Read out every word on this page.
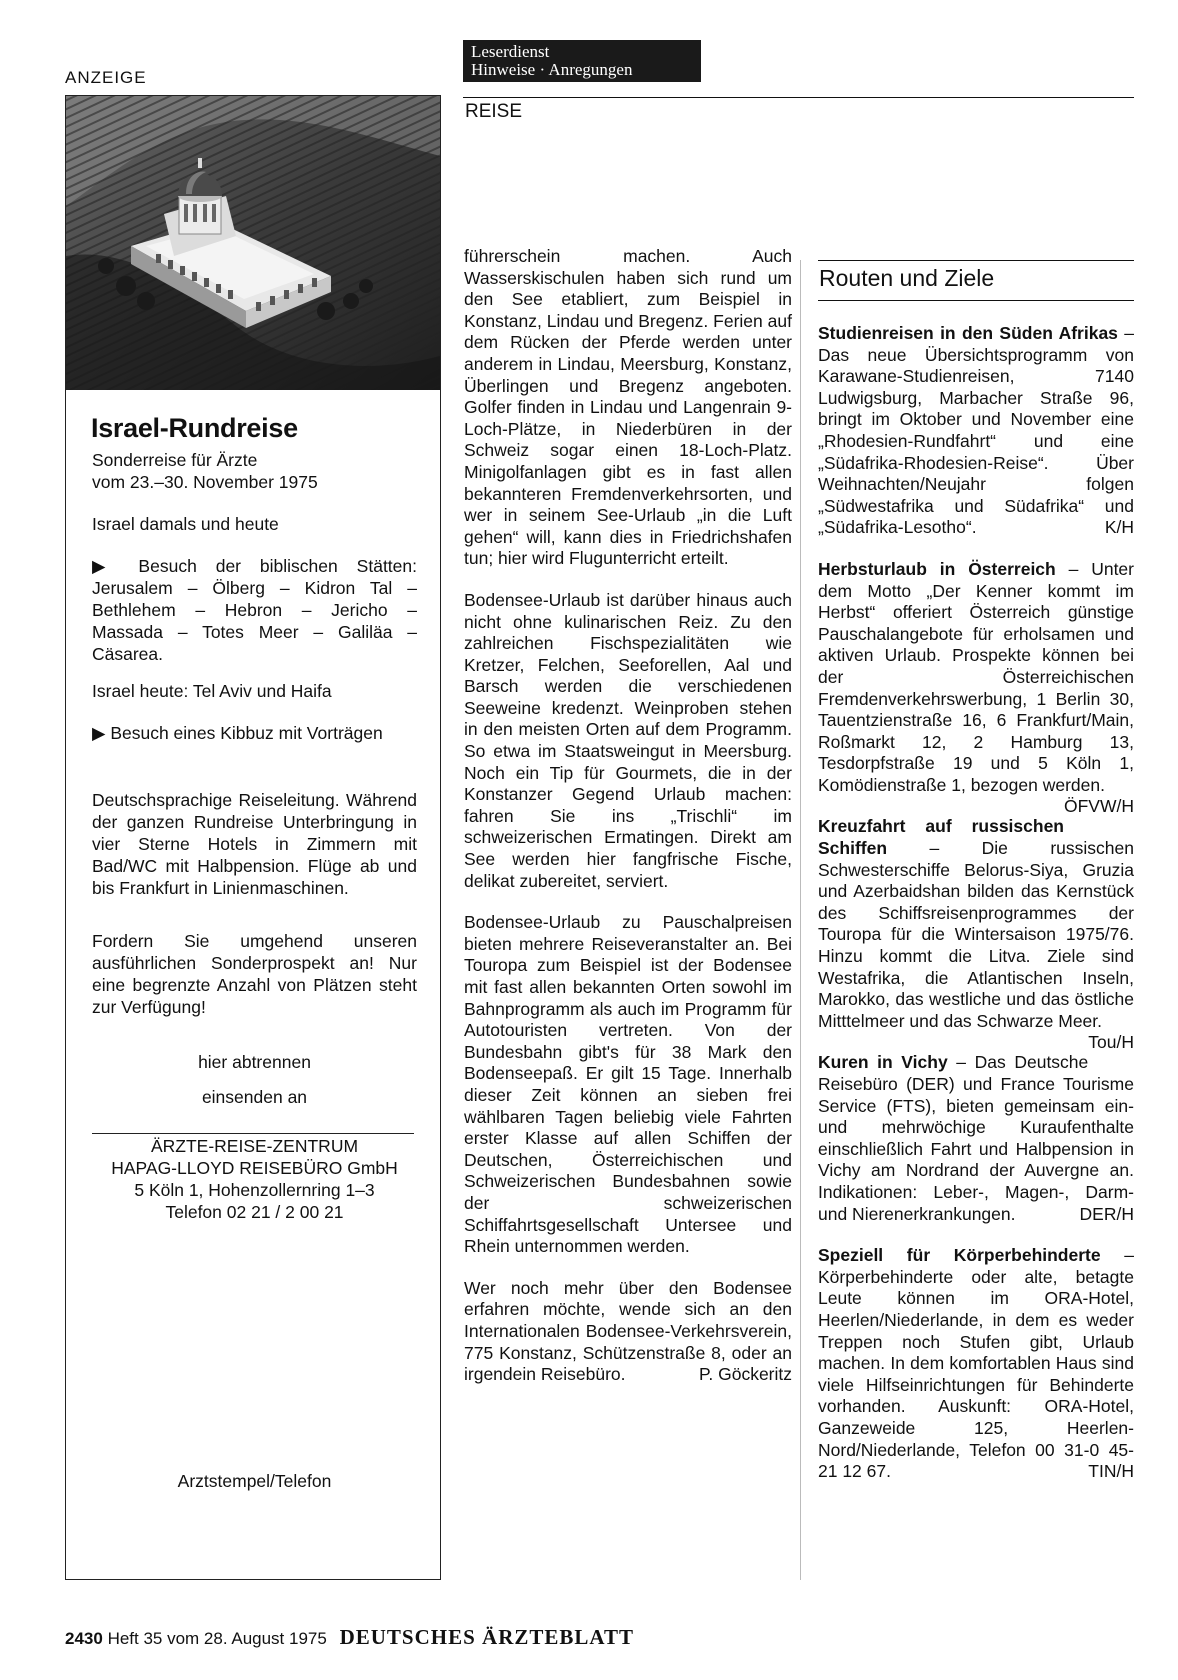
ANZEIGE
Leserdienst
Hinweise · Anregungen
REISE
Israel-Rundreise
Sonderreise für Ärzte
vom 23.–30. November 1975
Israel damals und heute
▶ Besuch der biblischen Stätten: Jerusalem – Ölberg – Kidron Tal – Bethlehem – Hebron – Jericho – Massada – Totes Meer – Galiläa – Cäsarea.
Israel heute: Tel Aviv und Haifa
▶ Besuch eines Kibbuz mit Vorträgen
Deutschsprachige Reiseleitung. Während der ganzen Rundreise Unterbringung in vier Sterne Hotels in Zimmern mit Bad/WC mit Halbpension. Flüge ab und bis Frankfurt in Linienmaschinen.
Fordern Sie umgehend unseren ausführlichen Sonderprospekt an! Nur eine begrenzte Anzahl von Plätzen steht zur Verfügung!
hier abtrennen
einsenden an
ÄRZTE-REISE-ZENTRUM
HAPAG-LLOYD REISEBÜRO GmbH
5 Köln 1, Hohenzollernring 1–3
Telefon 02 21 / 2 00 21
Arztstempel/Telefon

führerschein machen. Auch Wasserskischulen haben sich rund um den See etabliert, zum Beispiel in Konstanz, Lindau und Bregenz. Ferien auf dem Rücken der Pferde werden unter anderem in Lindau, Meersburg, Konstanz, Überlingen und Bregenz angeboten. Golfer finden in Lindau und Langenrain 9-Loch-Plätze, in Niederbüren in der Schweiz sogar einen 18-Loch-Platz. Minigolfanlagen gibt es in fast allen bekannteren Fremdenverkehrsorten, und wer in seinem See-Urlaub „in die Luft gehen“ will, kann dies in Friedrichshafen tun; hier wird Flugunterricht erteilt.

Bodensee-Urlaub ist darüber hinaus auch nicht ohne kulinarischen Reiz. Zu den zahlreichen Fischspezialitäten wie Kretzer, Felchen, Seeforellen, Aal und Barsch werden die verschiedenen Seeweine kredenzt. Weinproben stehen in den meisten Orten auf dem Programm. So etwa im Staatsweingut in Meersburg. Noch ein Tip für Gourmets, die in der Konstanzer Gegend Urlaub machen: fahren Sie ins „Trischli“ im schweizerischen Ermatingen. Direkt am See werden hier fangfrische Fische, delikat zubereitet, serviert.

Bodensee-Urlaub zu Pauschalpreisen bieten mehrere Reiseveranstalter an. Bei Touropa zum Beispiel ist der Bodensee mit fast allen bekannten Orten sowohl im Bahnprogramm als auch im Programm für Autotouristen vertreten. Von der Bundesbahn gibt's für 38 Mark den Bodenseepaß. Er gilt 15 Tage. Innerhalb dieser Zeit können an sieben frei wählbaren Tagen beliebig viele Fahrten erster Klasse auf allen Schiffen der Deutschen, Österreichischen und Schweizerischen Bundesbahnen sowie der schweizerischen Schiffahrtsgesellschaft Untersee und Rhein unternommen werden.

Wer noch mehr über den Bodensee erfahren möchte, wende sich an den Internationalen Bodensee-Verkehrsverein, 775 Konstanz, Schützenstraße 8, oder an irgendein Reisebüro.	P. Göckeritz

Routen und Ziele

Studienreisen in den Süden Afrikas – Das neue Übersichtsprogramm von Karawane-Studienreisen, 7140 Ludwigsburg, Marbacher Straße 96, bringt im Oktober und November eine „Rhodesien-Rundfahrt“ und eine „Südafrika-Rhodesien-Reise“. Über Weihnachten/Neujahr folgen „Südwestafrika und Südafrika“ und „Südafrika-Lesotho“.	K/H

Herbsturlaub in Österreich – Unter dem Motto „Der Kenner kommt im Herbst“ offeriert Österreich günstige Pauschalangebote für erholsamen und aktiven Urlaub. Prospekte können bei der Österreichischen Fremdenverkehrswerbung, 1 Berlin 30, Tauentzienstraße 16, 6 Frankfurt/Main, Roßmarkt 12, 2 Hamburg 13, Tesdorpfstraße 19 und 5 Köln 1, Komödienstraße 1, bezogen werden.
ÖFVW/H

Kreuzfahrt auf russischen Schiffen – Die russischen Schwesterschiffe Belorus-Siya, Gruzia und Azerbaidshan bilden das Kernstück des Schiffsreisenprogrammes der Touropa für die Wintersaison 1975/76. Hinzu kommt die Litva. Ziele sind Westafrika, die Atlantischen Inseln, Marokko, das westliche und das östliche Mitttelmeer und das Schwarze Meer.
Tou/H

Kuren in Vichy – Das Deutsche Reisebüro (DER) und France Tourisme Service (FTS), bieten gemeinsam ein- und mehrwöchige Kuraufenthalte einschließlich Fahrt und Halbpension in Vichy am Nordrand der Auvergne an. Indikationen: Leber-, Magen-, Darm- und Nierenerkrankungen.	DER/H

Speziell für Körperbehinderte – Körperbehinderte oder alte, betagte Leute können im ORA-Hotel, Heerlen/Niederlande, in dem es weder Treppen noch Stufen gibt, Urlaub machen. In dem komfortablen Haus sind viele Hilfseinrichtungen für Behinderte vorhanden. Auskunft: ORA-Hotel, Ganzeweide 125, Heerlen-Nord/Niederlande, Telefon 00 31-0 45-21 12 67.	TIN/H

2430 Heft 35 vom 28. August 1975 DEUTSCHES ÄRZTEBLATT
